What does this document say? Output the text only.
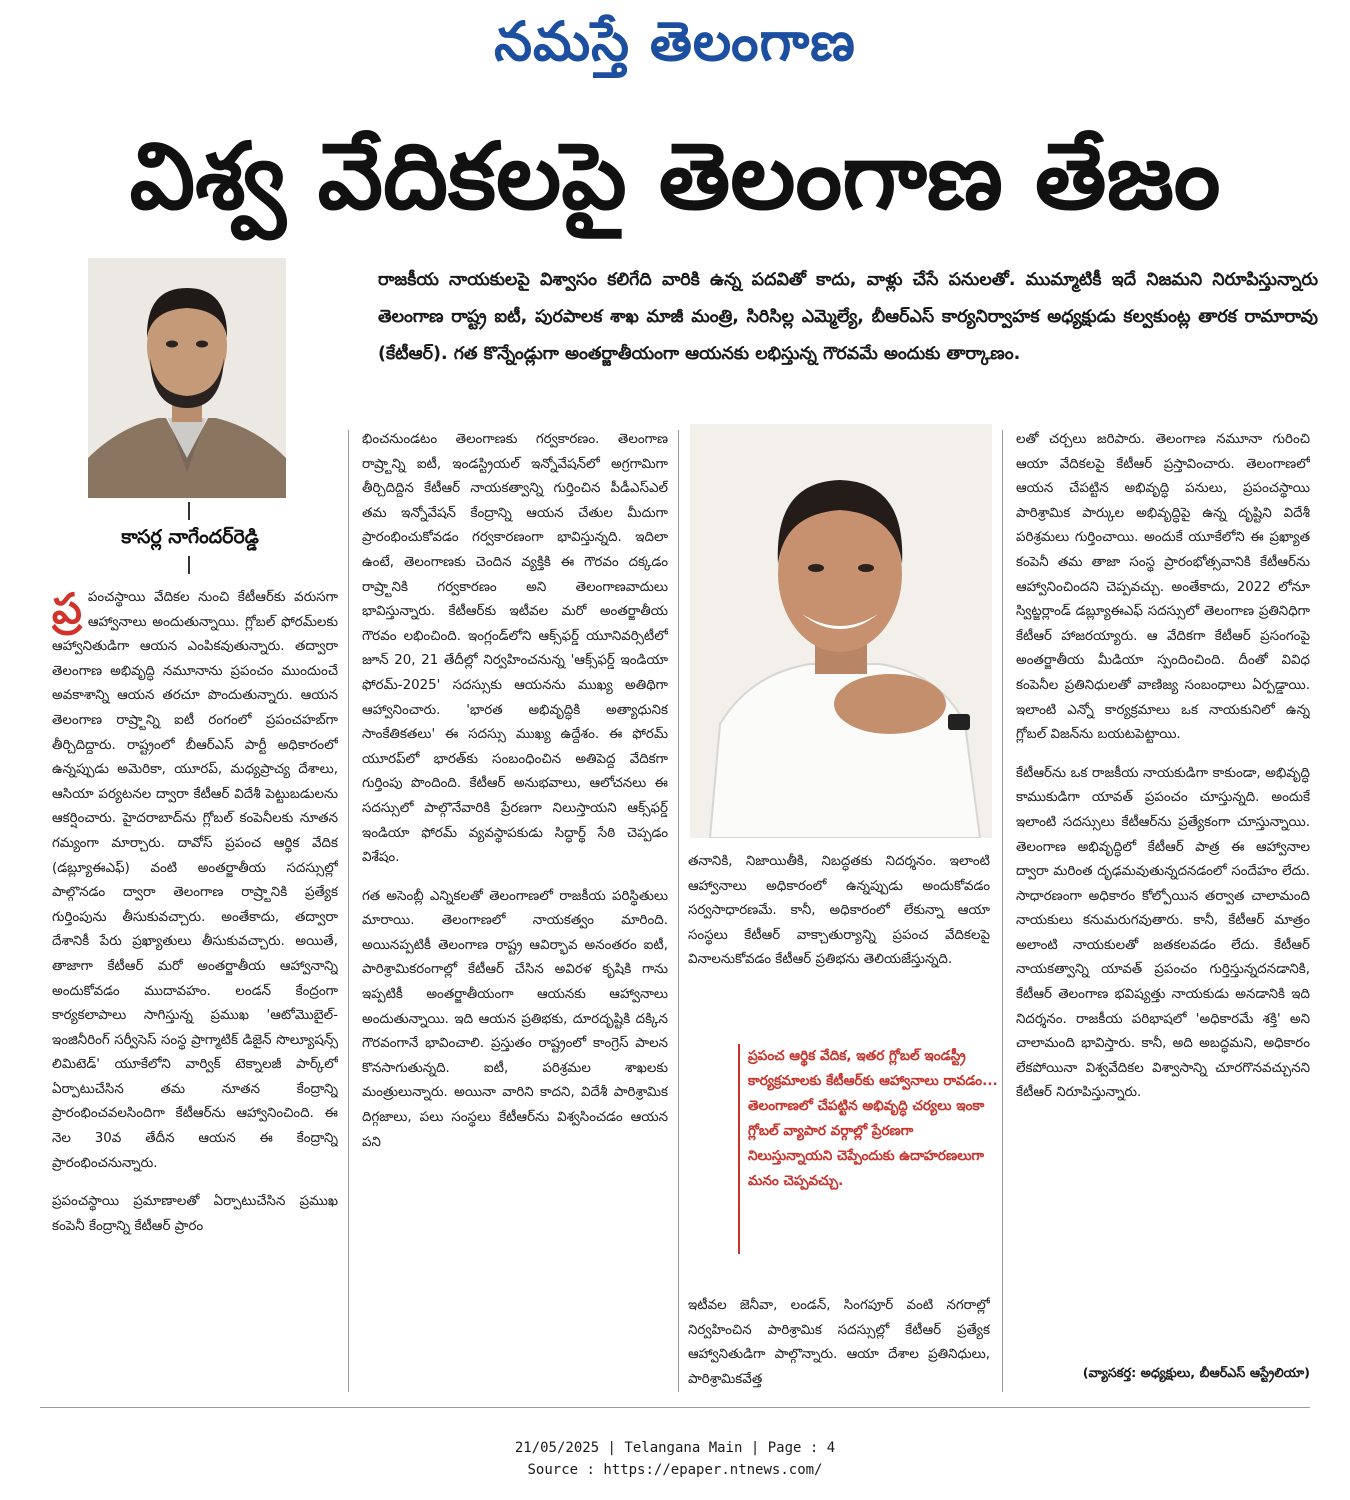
నమస్తే తెలంగాణ
విశ్వ వేదికలపై తెలంగాణ తేజం
కాసర్ల నాగేందర్‌రెడ్డి
రాజకీయ నాయకులపై విశ్వాసం కలిగేది వారికి ఉన్న పదవితో కాదు, వాళ్లు చేసే పనులతో. ముమ్మాటికీ ఇదే నిజమని నిరూపిస్తున్నారు తెలంగాణ రాష్ట్ర ఐటీ, పురపాలక శాఖ మాజీ మంత్రి, సిరిసిల్ల ఎమ్మెల్యే, బీఆర్‌ఎస్ కార్యనిర్వాహక అధ్యక్షుడు కల్వకుంట్ల తారక రామారావు (కేటీఆర్). గత కొన్నేండ్లుగా అంతర్జాతీయంగా ఆయనకు లభిస్తున్న గౌరవమే అందుకు తార్కాణం.

ప్ర పంచస్థాయి వేదికల నుంచి కేటీఆర్‌కు వరుసగా ఆహ్వానాలు అందుతున్నాయి. గ్లోబల్ ఫోరమ్‌లకు ఆహ్వానితుడిగా ఆయన ఎంపికవుతున్నారు. తద్వారా తెలంగాణ అభివృద్ధి నమూనాను ప్రపంచం ముందుంచే అవకాశాన్ని ఆయన తరచూ పొందుతున్నారు. ఆయన తెలంగాణ రాష్ర్టాన్ని ఐటీ రంగంలో ప్రపంచహబ్‌గా తీర్చిదిద్దారు. రాష్ట్రంలో బీఆర్‌ఎస్ పార్టీ అధికారంలో ఉన్నప్పుడు అమెరికా, యూరప్, మధ్యప్రాచ్య దేశాలు, ఆసియా పర్యటనల ద్వారా కేటీఆర్ విదేశీ పెట్టుబడులను ఆకర్షించారు. హైదరాబాద్‌ను గ్లోబల్ కంపెనీలకు నూతన గమ్యంగా మార్చారు. దావోస్ ప్రపంచ ఆర్థిక వేదిక (డబ్ల్యూఈఎఫ్) వంటి అంతర్జాతీయ సదస్సుల్లో పాల్గొనడం ద్వారా తెలంగాణ రాష్ర్టానికి ప్రత్యేక గుర్తింపును తీసుకువచ్చారు. అంతేకాదు, తద్వారా దేశానికీ పేరు ప్రఖ్యాతులు తీసుకువచ్చారు. అయితే, తాజాగా కేటీఆర్ మరో అంతర్జాతీయ ఆహ్వానాన్ని అందుకోవడం ముదావహం. లండన్ కేంద్రంగా కార్యకలాపాలు సాగిస్తున్న ప్రముఖ 'ఆటోమొబైల్-ఇంజినీరింగ్ సర్వీసెస్ సంస్థ ప్రాగ్మాటిక్ డిజైన్ సొల్యూషన్స్ లిమిటెడ్' యూకేలోని వార్విక్ టెక్నాలజీ పార్క్‌లో ఏర్పాటుచేసిన తమ నూతన కేంద్రాన్ని ప్రారంభించవలసిందిగా కేటీఆర్‌ను ఆహ్వానించింది. ఈ నెల 30వ తేదీన ఆయన ఈ కేంద్రాన్ని ప్రారంభించనున్నారు.

ప్రపంచస్థాయి ప్రమాణాలతో ఏర్పాటుచేసిన ప్రముఖ కంపెనీ కేంద్రాన్ని కేటీఆర్ ప్రారం

భించనుండటం తెలంగాణకు గర్వకారణం. తెలంగాణ రాష్ర్టాన్ని ఐటీ, ఇండస్ట్రియల్ ఇన్నోవేషన్‌లో అగ్రగామిగా తీర్చిదిద్దిన కేటీఆర్ నాయకత్వాన్ని గుర్తించిన పీడీఎస్‌ఎల్ తమ ఇన్నోవేషన్ కేంద్రాన్ని ఆయన చేతుల మీదుగా ప్రారంభించుకోవడం గర్వకారణంగా భావిస్తున్నది. ఇదిలా ఉంటే, తెలంగాణకు చెందిన వ్యక్తికి ఈ గౌరవం దక్కడం రాష్ర్టానికి గర్వకారణం అని తెలంగాణవాదులు భావిస్తున్నారు. కేటీఆర్‌కు ఇటీవల మరో అంతర్జాతీయ గౌరవం లభించింది. ఇంగ్లండ్‌లోని ఆక్స్‌ఫర్డ్ యూనివర్సిటీలో జూన్ 20, 21 తేదీల్లో నిర్వహించనున్న 'ఆక్స్‌ఫర్డ్ ఇండియా ఫోరమ్-2025' సదస్సుకు ఆయనను ముఖ్య అతిథిగా ఆహ్వానించారు. 'భారత అభివృద్ధికి అత్యాధునిక సాంకేతికతలు' ఈ సదస్సు ముఖ్య ఉద్దేశం. ఈ ఫోరమ్ యూరప్‌లో భారత్‌కు సంబంధించిన అతిపెద్ద వేదికగా గుర్తింపు పొందింది. కేటీఆర్ అనుభవాలు, ఆలోచనలు ఈ సదస్సులో పాల్గొనేవారికి ప్రేరణగా నిలుస్తాయని ఆక్స్‌ఫర్డ్ ఇండియా ఫోరమ్ వ్యవస్థాపకుడు సిద్ధార్థ్ సేఠి చెప్పడం విశేషం.

గత అసెంబ్లీ ఎన్నికలతో తెలంగాణలో రాజకీయ పరిస్థితులు మారాయి. తెలంగాణలో నాయకత్వం మారింది. అయినప్పటికీ తెలంగాణ రాష్ట్ర ఆవిర్భావ అనంతరం ఐటీ, పారిశ్రామికరంగాల్లో కేటీఆర్ చేసిన అవిరళ కృషికి గాను ఇప్పటికీ అంతర్జాతీయంగా ఆయనకు ఆహ్వానాలు అందుతున్నాయి. ఇది ఆయన ప్రతిభకు, దూరదృష్టికి దక్కిన గౌరవంగానే భావించాలి. ప్రస్తుతం రాష్ట్రంలో కాంగ్రెస్ పాలన కొనసాగుతున్నది. ఐటీ, పరిశ్రమల శాఖలకు మంత్రులున్నారు. అయినా వారిని కాదని, విదేశీ పారిశ్రామిక దిగ్గజాలు, పలు సంస్థలు కేటీఆర్‌ను విశ్వసించడం ఆయన పని

తనానికి, నిజాయితీకి, నిబద్ధతకు నిదర్శనం. ఇలాంటి ఆహ్వానాలు అధికారంలో ఉన్నప్పుడు అందుకోవడం సర్వసాధారణమే. కానీ, అధికారంలో లేకున్నా ఆయా సంస్థలు కేటీఆర్ వాక్చాతుర్యాన్ని ప్రపంచ వేదికలపై వినాలనుకోవడం కేటీఆర్ ప్రతిభను తెలియజేస్తున్నది.

ప్రపంచ ఆర్థిక వేదిక, ఇతర గ్లోబల్ ఇండస్ట్రీ కార్యక్రమాలకు కేటీఆర్‌కు ఆహ్వానాలు రావడం... తెలంగాణలో చేపట్టిన అభివృద్ధి చర్యలు ఇంకా గ్లోబల్ వ్యాపార వర్గాల్లో ప్రేరణగా నిలుస్తున్నాయని చెప్పేందుకు ఉదాహరణలుగా మనం చెప్పవచ్చు.

ఇటీవల జెనీవా, లండన్, సింగపూర్ వంటి నగరాల్లో నిర్వహించిన పారిశ్రామిక సదస్సుల్లో కేటీఆర్ ప్రత్యేక ఆహ్వానితుడిగా పాల్గొన్నారు. ఆయా దేశాల ప్రతినిధులు, పారిశ్రామికవేత్త

లతో చర్చలు జరిపారు. తెలంగాణ నమూనా గురించి ఆయా వేదికలపై కేటీఆర్ ప్రస్తావించారు. తెలంగాణలో ఆయన చేపట్టిన అభివృద్ధి పనులు, ప్రపంచస్థాయి పారిశ్రామిక పార్కుల అభివృద్ధిపై ఉన్న దృష్టిని విదేశీ పరిశ్రమలు గుర్తించాయి. అందుకే యూకేలోని ఈ ప్రఖ్యాత కంపెనీ తమ తాజా సంస్థ ప్రారంభోత్సవానికి కేటీఆర్‌ను ఆహ్వానించిందని చెప్పవచ్చు. అంతేకాదు, 2022 లోనూ స్విట్జర్లాండ్ డబ్ల్యూఈఎఫ్ సదస్సులో తెలంగాణ ప్రతినిధిగా కేటీఆర్ హాజరయ్యారు. ఆ వేదికగా కేటీఆర్ ప్రసంగంపై అంతర్జాతీయ మీడియా స్పందించింది. దీంతో వివిధ కంపెనీల ప్రతినిధులతో వాణిజ్య సంబంధాలు ఏర్పడ్డాయి. ఇలాంటి ఎన్నో కార్యక్రమాలు ఒక నాయకునిలో ఉన్న గ్లోబల్ విజన్‌ను బయటపెట్టాయి.

కేటీఆర్‌ను ఒక రాజకీయ నాయకుడిగా కాకుండా, అభివృద్ధి కాముకుడిగా యావత్ ప్రపంచం చూస్తున్నది. అందుకే ఇలాంటి సదస్సులు కేటీఆర్‌ను ప్రత్యేకంగా చూస్తున్నాయి. తెలంగాణ అభివృద్ధిలో కేటీఆర్ పాత్ర ఈ ఆహ్వానాల ద్వారా మరింత దృఢమవుతున్నదనడంలో సందేహం లేదు. సాధారణంగా అధికారం కోల్పోయిన తర్వాత చాలామంది నాయకులు కనుమరుగవుతారు. కానీ, కేటీఆర్ మాత్రం అలాంటి నాయకులతో జతకలవడం లేదు. కేటీఆర్ నాయకత్వాన్ని యావత్ ప్రపంచం గుర్తిస్తున్నదనడానికి, కేటీఆర్ తెలంగాణ భవిష్యత్తు నాయకుడు అనడానికి ఇది నిదర్శనం. రాజకీయ పరిభాషలో 'అధికారమే శక్తి' అని చాలామంది భావిస్తారు. కానీ, అది అబద్ధమని, అధికారం లేకపోయినా విశ్వవేదికల విశ్వాసాన్ని చూరగొనవచ్చునని కేటీఆర్ నిరూపిస్తున్నారు.

(వ్యాసకర్త: అధ్యక్షులు, బీఆర్‌ఎస్ ఆస్ట్రేలియా)
21/05/2025 | Telangana Main | Page : 4
Source : https://epaper.ntnews.com/
